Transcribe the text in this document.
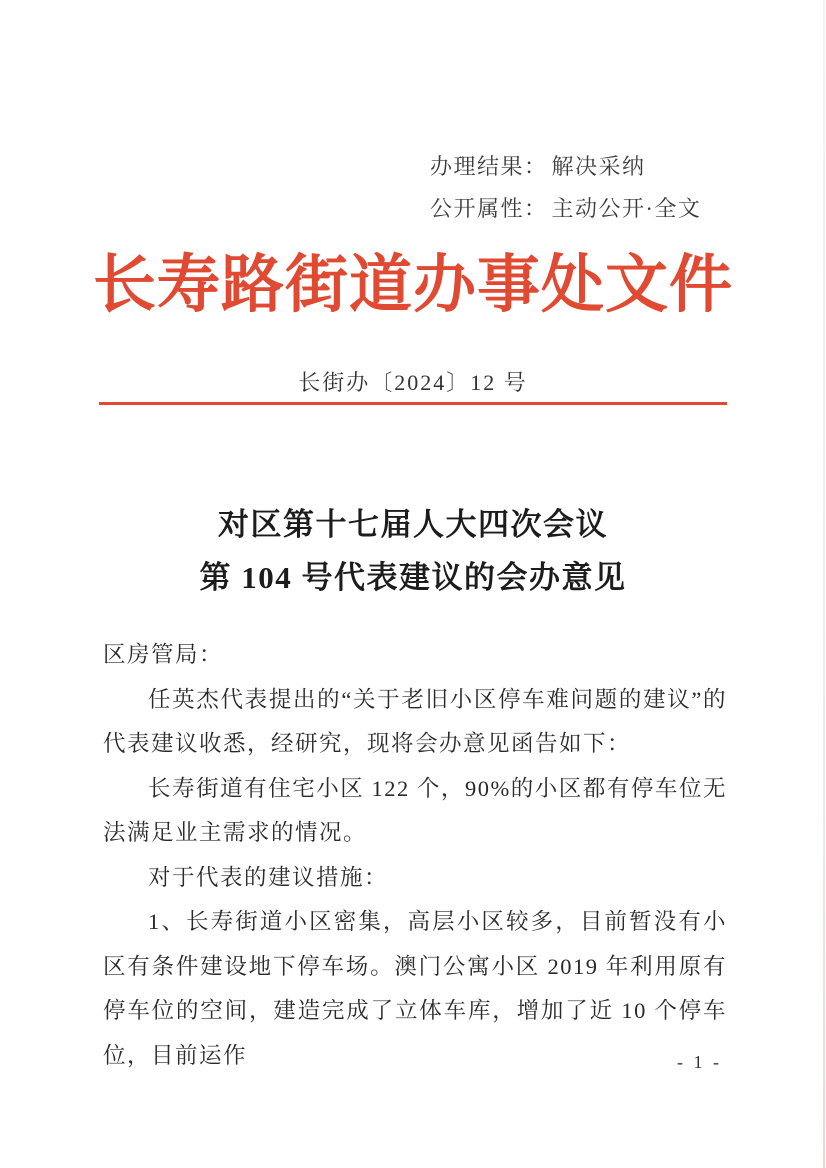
办理结果： 解决采纳
公开属性： 主动公开·全文
长寿路街道办事处文件
长街办〔2024〕12 号
对区第十七届人大四次会议
第 104 号代表建议的会办意见

区房管局：

任英杰代表提出的“关于老旧小区停车难问题的建议”的代表建议收悉，经研究，现将会办意见函告如下：

长寿街道有住宅小区 122 个，90%的小区都有停车位无法满足业主需求的情况。

对于代表的建议措施：

1、长寿街道小区密集，高层小区较多，目前暂没有小区有条件建设地下停车场。澳门公寓小区 2019 年利用原有停车位的空间，建造完成了立体车库，增加了近 10 个停车位，目前运作	- 1 -
